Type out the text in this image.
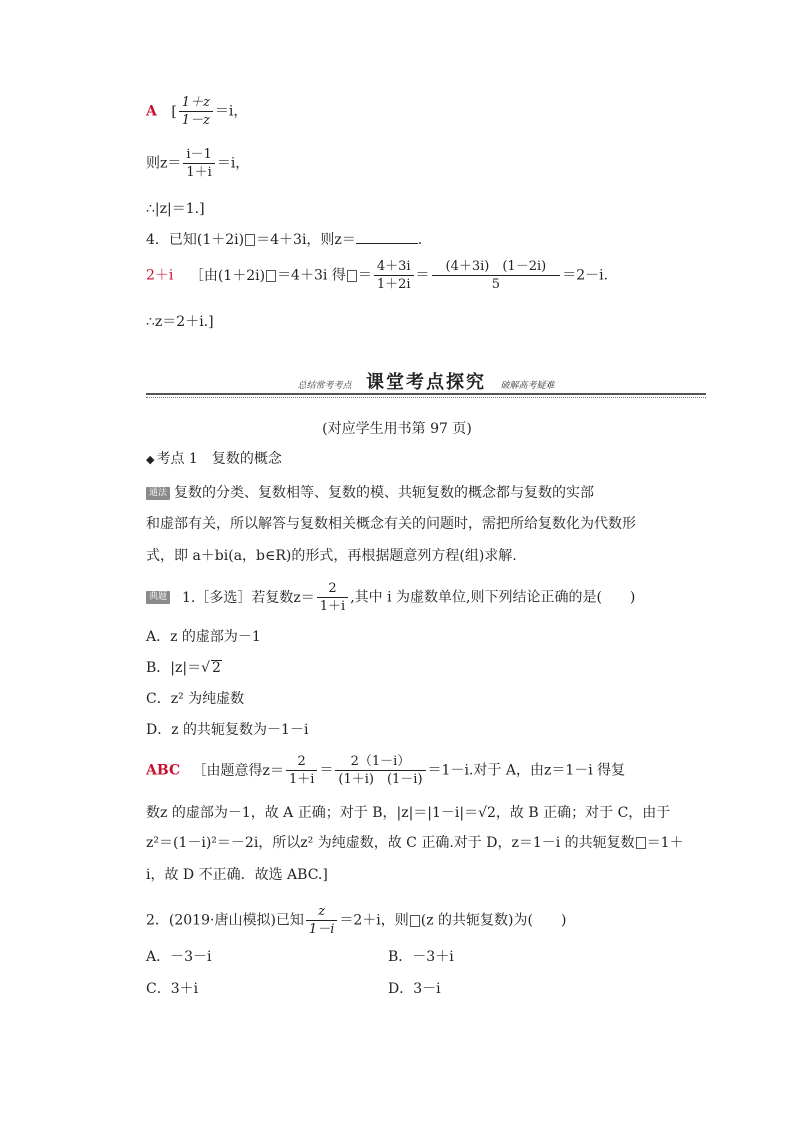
A [ $\frac{1+z}{1-z} =i$，
则$z= \frac{i-1}{1+i} =i$，
∴|z|＝1.]
4．已知(1＋2i) ＝4＋3i，则z＝	.
2＋i ［由(1＋2i) ＝4＋3i 得 ＝ $\frac{4+3i}{1+2i} = \frac{(4+3i) (1-2i)}{5} =2-i$.
∴z＝2＋i.]
总结常考考点 课堂考点探究 破解高考疑难
(对应学生用书第 97 页)
◆ 考点 1　复数的概念
通法 复数的分类、复数相等、复数的模、共轭复数的概念都与复数的实部
和虚部有关，所以解答与复数相关概念有关的问题时，需把所给复数化为代数形
式，即 a＋bi(a，b∈R)的形式，再根据题意列方程(组)求解.
典题 1.［多选］若复数$z= \frac{2}{1+i}$ ,其中 i 为虚数单位,则下列结论正确的是(　　)
A．z 的虚部为－1
B．|z|＝√ 2
C．z² 为纯虚数
D．z 的共轭复数为－1－i
ABC ［由题意得$z= \frac{2}{1+i} = \frac{2(1-i)}{(1+i) (1-i)} =1-i$.对于 A，由z＝1－i 得复
数z 的虚部为－1，故 A 正确；对于 B，|z|＝|1－i|＝√2，故 B 正确；对于 C，由于
z²＝(1－i)²＝－2i，所以z² 为纯虚数，故 C 正确.对于 D，z＝1－i 的共轭复数 ＝1＋
i，故 D 不正确．故选 ABC.]
2．(2019·唐山模拟)已知 $\frac{z}{1-i} =2+i$，则 (z 的共轭复数)为(　　)
A．－3－i	B．－3＋i
C．3＋i	D．3－i
